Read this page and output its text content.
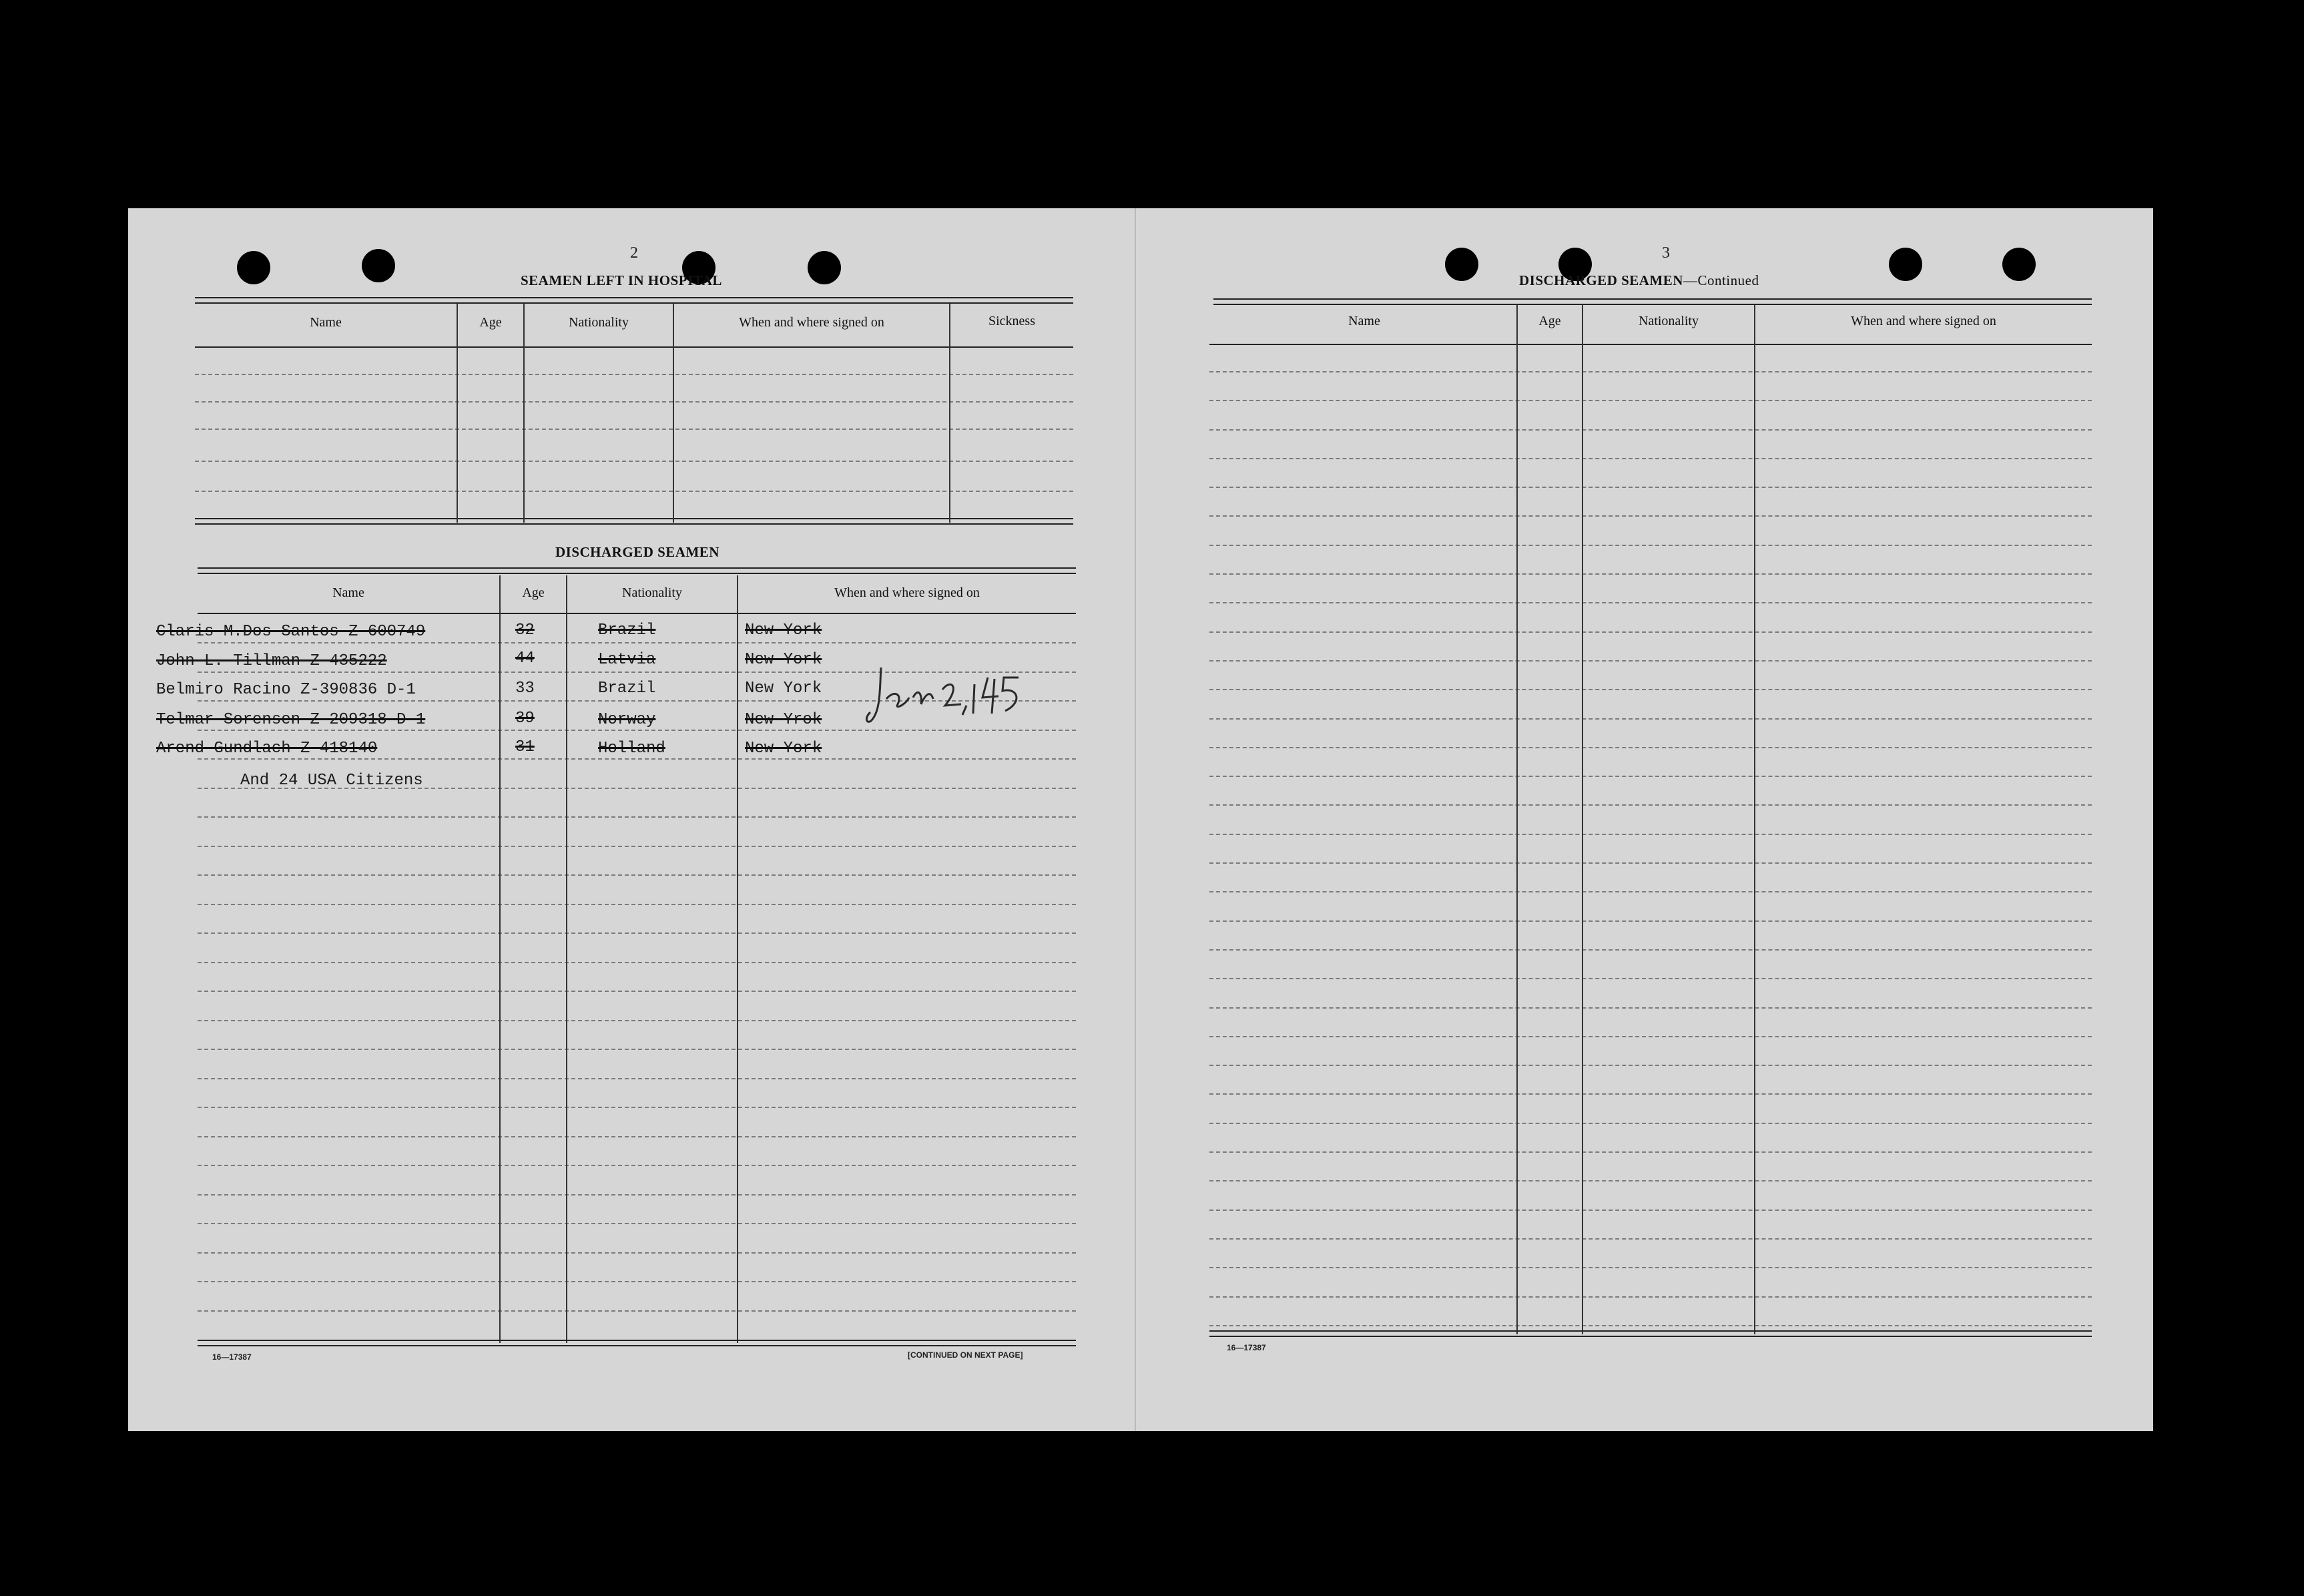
2
SEAMEN LEFT IN HOSPITAL
Name	Age	Nationality	When and where signed on	Sickness
DISCHARGED SEAMEN
Name	Age	Nationality	When and where signed on
Claris M.Dos Santos Z-600749	32	Brazil	New York
John L. Tillman Z-435222	44	Latvia	New York
Belmiro Racino Z-390836 D-1	33	Brazil	New York
Telmar Sorensen Z-209318 D-1	39	Norway	New Yrok
Arend Gundlach Z-418140	31	Holland	New York
And 24 USA Citizens
16—17387	[CONTINUED ON NEXT PAGE]
3
DISCHARGED SEAMEN—Continued
Name	Age	Nationality	When and where signed on
16—17387
